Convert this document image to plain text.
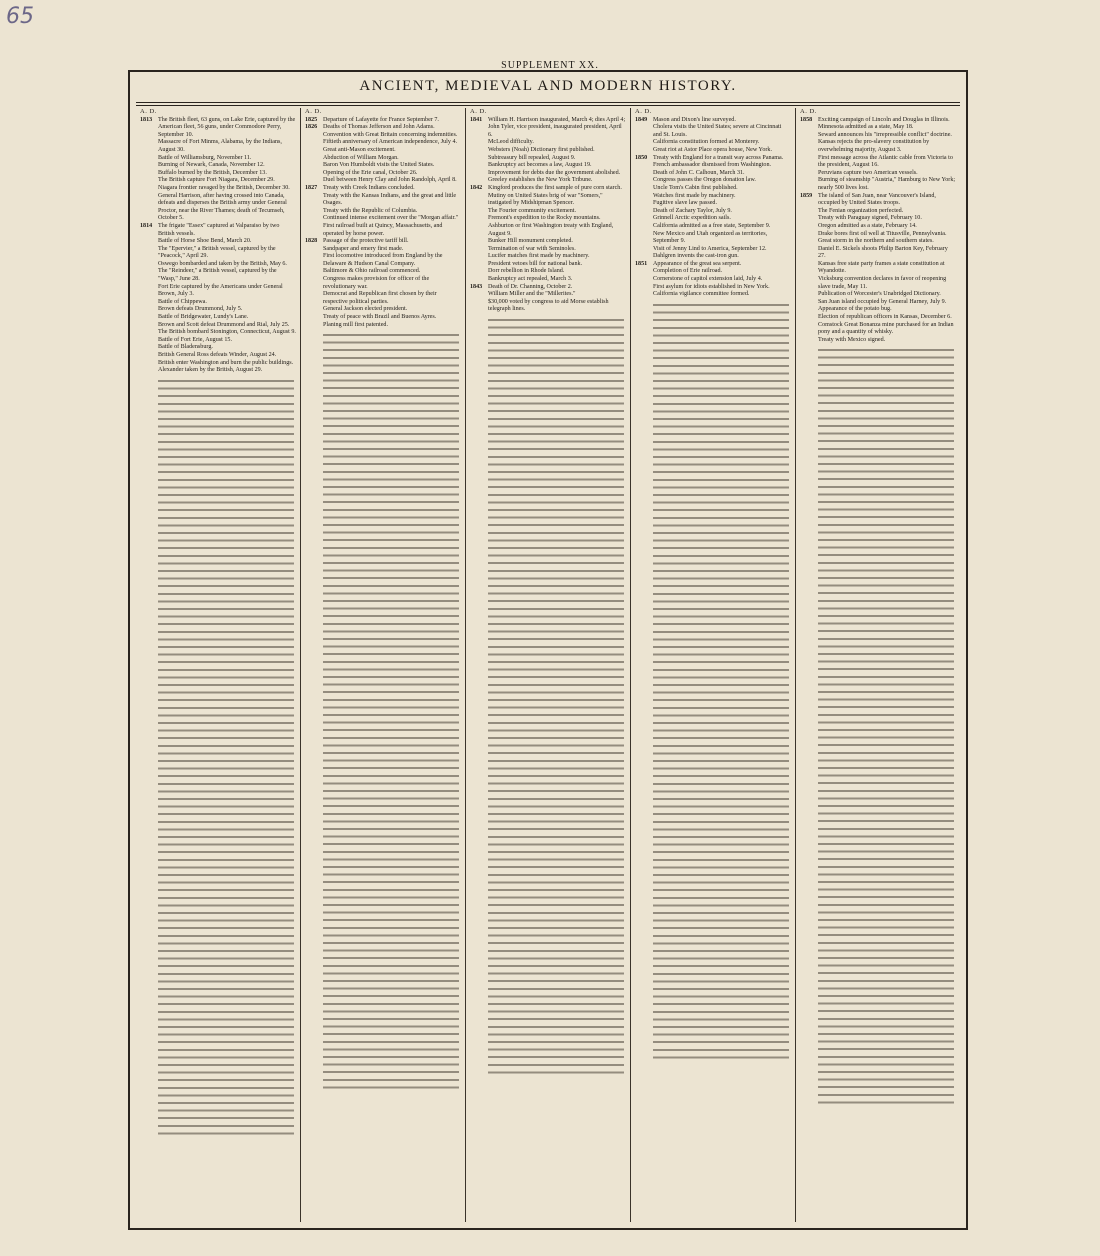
65
SUPPLEMENT XX.
ANCIENT, MEDIEVAL AND MODERN HISTORY.
A. D.
1813 The British fleet, 63 guns, on Lake Erie, captured by the American fleet, 56 guns, under Commodore Perry, September 10.
Massacre of Fort Minms, Alabama, by the Indians, August 30.
Battle of Williamsburg, November 11.
Burning of Newark, Canada, November 12.
Buffalo burned by the British, December 13.
The British capture Fort Niagara, December 29.
Niagara frontier ravaged by the British, December 30.
General Harrison, after having crossed into Canada, defeats and disperses the British army under General Proctor, near the River Thames; death of Tecumseh, October 5.
1814 The frigate "Essex" captured at Valparaiso by two British vessels.
Battle of Horse Shoe Bend, March 20.
The "Epervier," a British vessel, captured by the "Peacock," April 29.
Oswego bombarded and taken by the British, May 6.
The "Reindeer," a British vessel, captured by the "Wasp," June 28.
Fort Erie captured by the Americans under General Brown, July 3.
Battle of Chippewa.
Brown defeats Drummond, July 5.
Battle of Bridgewater, Lundy's Lane.
Brown and Scott defeat Drummond and Rial, July 25.
The British bombard Stonington, Connecticut, August 9.
Battle of Fort Erie, August 15.
Battle of Bladensburg.
British General Ross defeats Winder, August 24.
British enter Washington and burn the public buildings.
Alexander taken by the British, August 29.
A. D.
1825 Departure of Lafayette for France September 7.
1826 Deaths of Thomas Jefferson and John Adams.
Convention with Great Britain concerning indemnities.
Fiftieth anniversary of American independence, July 4.
Great anti-Mason excitement.
Abduction of William Morgan.
Baron Von Humboldt visits the United States.
Opening of the Erie canal, October 26.
Duel between Henry Clay and John Randolph, April 8.
1827 Treaty with Creek Indians concluded.
Treaty with the Kansas Indians, and the great and little Osages.
Treaty with the Republic of Columbia.
Continued intense excitement over the "Morgan affair."
First railroad built at Quincy, Massachusetts, and operated by horse power.
1828 Passage of the protective tariff bill.
Sandpaper and emery first made.
First locomotive introduced from England by the Delaware & Hudson Canal Company.
Baltimore & Ohio railroad commenced.
Congress makes provision for officer of the revolutionary war.
Democrat and Republican first chosen by their respective political parties.
General Jackson elected president.
Treaty of peace with Brazil and Buenos Ayres.
Planing mill first patented.
A. D.
1841 William H. Harrison inaugurated, March 4; dies April 4; John Tyler, vice president, inaugurated president, April 6.
McLeod difficulty.
Websters (Noah) Dictionary first published.
Subtreasury bill repealed, August 9.
Bankruptcy act becomes a law, August 19.
Improvement for debts due the government abolished.
Greeley establishes the New York Tribune.
1842 Kingford produces the first sample of pure corn starch.
Mutiny on United States brig of war "Somers," instigated by Midshipman Spencer.
The Fourier community excitement.
Fremont's expedition to the Rocky mountains.
Ashburton or first Washington treaty with England, August 9.
Bunker Hill monument completed.
Termination of war with Seminoles.
Lucifer matches first made by machinery.
President vetoes bill for national bank.
Dorr rebellion in Rhode Island.
Bankruptcy act repealed, March 3.
1843 Death of Dr. Channing, October 2.
William Miller and the "Millerites."
$30,000 voted by congress to aid Morse establish telegraph lines.
A. D.
1849 Mason and Dixon's line surveyed.
Cholera visits the United States; severe at Cincinnati and St. Louis.
California constitution formed at Monterey.
Great riot at Astor Place opera house, New York.
1850 Treaty with England for a transit way across Panama.
French ambassador dismissed from Washington.
Death of John C. Calhoun, March 31.
Congress passes the Oregon donation law.
Uncle Tom's Cabin first published.
Watches first made by machinery.
Fugitive slave law passed.
Death of Zachary Taylor, July 9.
Grinnell Arctic expedition sails.
California admitted as a free state, September 9.
New Mexico and Utah organized as territories, September 9.
Visit of Jenny Lind to America, September 12.
Dahlgren invents the cast-iron gun.
1851 Appearance of the great sea serpent.
Completion of Erie railroad.
Cornerstone of capitol extension laid, July 4.
First asylum for idiots established in New York.
California vigilance committee formed.
A. D.
1858 Exciting campaign of Lincoln and Douglas in Illinois.
Minnesota admitted as a state, May 18.
Seward announces his "irrepressible conflict" doctrine.
Kansas rejects the pro-slavery constitution by overwhelming majority, August 3.
First message across the Atlantic cable from Victoria to the president, August 16.
Peruvians capture two American vessels.
Burning of steamship "Austria," Hamburg to New York; nearly 500 lives lost.
1859 The island of San Juan, near Vancouver's Island, occupied by United States troops.
The Fenian organization perfected.
Treaty with Paraguay signed, February 10.
Oregon admitted as a state, February 14.
Drake bores first oil well at Titusville, Pennsylvania.
Great storm in the northern and southern states.
Daniel E. Sickels shoots Philip Barton Key, February 27.
Kansas free state party frames a state constitution at Wyandotte.
Vicksburg convention declares in favor of reopening slave trade, May 11.
Publication of Worcester's Unabridged Dictionary.
San Juan island occupied by General Harney, July 9.
Appearance of the potato bug.
Election of republican officers in Kansas, December 6.
Comstock Great Bonanza mine purchased for an Indian pony and a quantity of whisky.
Treaty with Mexico signed.
